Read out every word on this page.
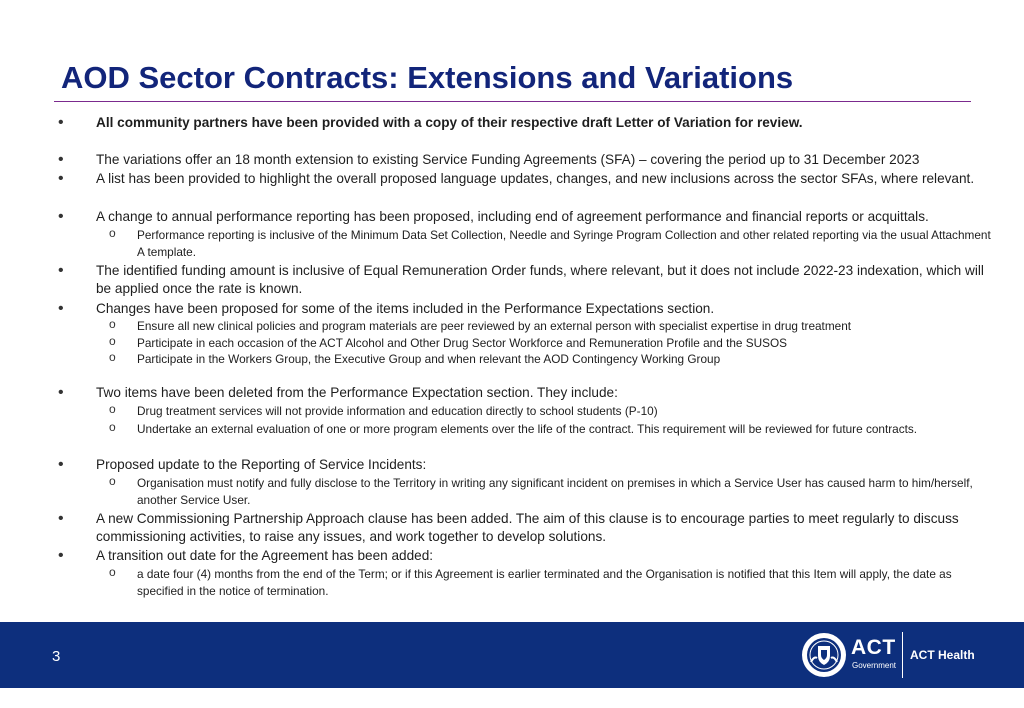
AOD Sector Contracts: Extensions and Variations
• All community partners have been provided with a copy of their respective draft Letter of Variation for review.
• The variations offer an 18 month extension to existing Service Funding Agreements (SFA) – covering the period up to 31 December 2023
• A list has been provided to highlight the overall proposed language updates, changes, and new inclusions across the sector SFAs, where relevant.
• A change to annual performance reporting has been proposed, including end of agreement performance and financial reports or acquittals.
o Performance reporting is inclusive of the Minimum Data Set Collection, Needle and Syringe Program Collection and other related reporting via the usual Attachment A template.
• The identified funding amount is inclusive of Equal Remuneration Order funds, where relevant, but it does not include 2022-23 indexation, which will be applied once the rate is known.
• Changes have been proposed for some of the items included in the Performance Expectations section.
o Ensure all new clinical policies and program materials are peer reviewed by an external person with specialist expertise in drug treatment
o Participate in each occasion of the ACT Alcohol and Other Drug Sector Workforce and Remuneration Profile and the SUSOS
o Participate in the Workers Group, the Executive Group and when relevant the AOD Contingency Working Group
• Two items have been deleted from the Performance Expectation section. They include:
o Drug treatment services will not provide information and education directly to school students (P-10)
o Undertake an external evaluation of one or more program elements over the life of the contract. This requirement will be reviewed for future contracts.
• Proposed update to the Reporting of Service Incidents:
o Organisation must notify and fully disclose to the Territory in writing any significant incident on premises in which a Service User has caused harm to him/herself, another Service User.
• A new Commissioning Partnership Approach clause has been added. The aim of this clause is to encourage parties to meet regularly to discuss commissioning activities, to raise any issues, and work together to develop solutions.
• A transition out date for the Agreement has been added:
o a date four (4) months from the end of the Term; or if this Agreement is earlier terminated and the Organisation is notified that this Item will apply, the date as specified in the notice of termination.
3	ACT
Government
ACT Health
